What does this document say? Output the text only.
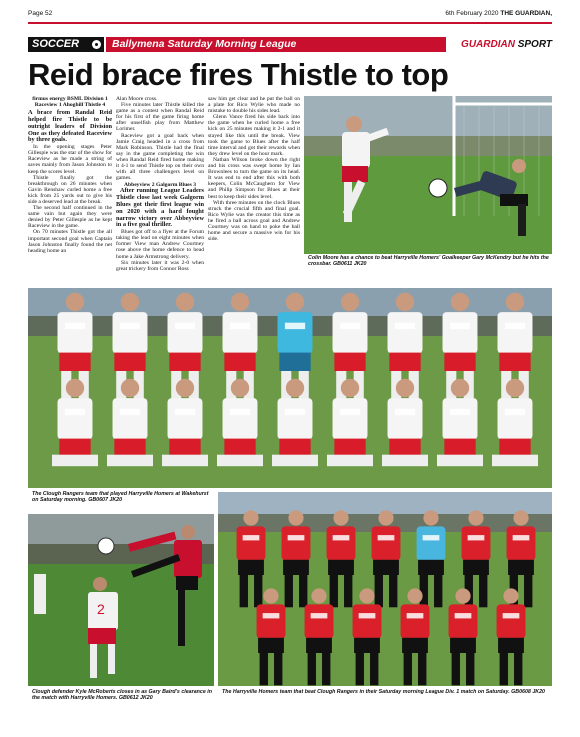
Page 52	6th February 2020 THE GUARDIAN,
SOCCER	Ballymena Saturday Morning League	GUARDIAN SPORT
Reid brace fires Thistle to top

firmus energy BSML Division 1

Raceview 1 Ahoghill Thistle 4

A brace from Randal Reid helped fire Thistle to be outright leaders of Division One as they defeated Raceview by three goals.

In the opening stages Peter Gillespie was the star of the show for Raceview as he made a string of saves mainly from Jason Johnston to keep the scores level.

Thistle finally got the breakthrough on 26 minutes when Gavin Renshaw curled home a free kick from 25 yards out to give his side a deserved lead at the break.

The second half continued in the same vain but again they were denied by Peter Gillespie as he kept Raceview in the game.

On 70 minutes Thistle got the all important second goal when Captain Jason Johnston finally found the net heading home an

Alan Moore cross.

Five minutes later Thistle killed the game as a contest when Randal Reid for his first of the game firing home after unselfish play from Matthew Lorimer.

Raceview got a goal back when Jamie Craig headed in a cross from Mark Robinson. Thistle had the final say in the game completing the win when Randal Reid fired home making it 4-1 to send Thistle top on their own with all three challengers level on games.

Abbeyview 2 Galgorm Blues 3

After running League Leaders Thistle close last week Galgorm Blues got their first league win on 2020 with a hard fought narrow victory over Abbeyview in a five goal thriller.

Blues got off to a flyer at the Forum taking the lead on eight minutes when former View man Andrew Courtney rose above the home defence to head home a Jake Armstrong delivery.

Six minutes later it was 2-0 when great trickery from Connor Ross

saw him get clear and he put the ball on a plate for Rico Wylie who made no mistake to double his sides lead.

Glenn Vance fired his side back into the game when he curled home a free kick on 25 minutes making it 2-1 and it stayed like this until the break. View took the game to Blues after the half time interval and got their rewards when they drew level on the hour mark.

Nathan Wilson broke down the right and his cross was swept home by Ian Brownlees to turn the game on its head. It was end to end after this with both keepers, Colin McCaughern for View and Philip Simpson for Blues at their best to keep their sides level.

With three minutes on the clock Blues struck the crucial fifth and final goal. Rico Wylie was the creator this time as he fired a ball across goal and Andrew Courtney was on hand to poke the ball home and secure a massive win for his side.

Colin Moore has a chance to beat Harryville Homers' Goalkeeper Gary McKendry but he hits the crossbar. GB0611 JK20
The Clough Rangers team that played Harryville Homers at Wakehurst on Saturday morning. GB0607 JK20
2
Clough defender Kyle McRoberts closes in as Gary Baird's clearance in the match with Harryville Homers. GB0612 JK20
The Harryville Homers team that beat Clough Rangers in their Saturday morning League Div. 1 match on Saturday. GB0608 JK20
